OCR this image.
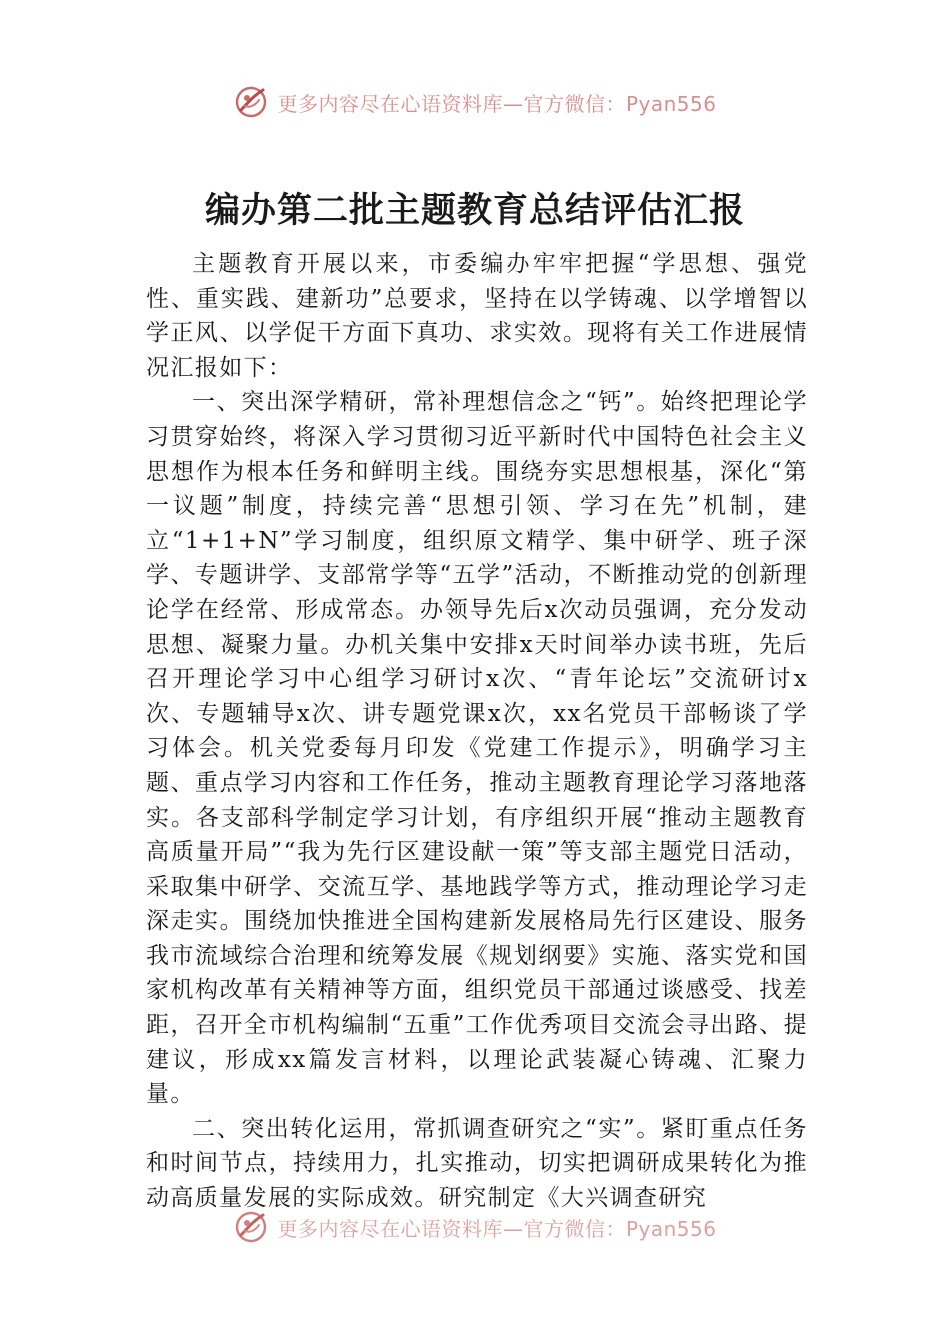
更多内容尽在心语资料库—官方微信：Pyan556
编办第二批主题教育总结评估汇报

主题教育开展以来，市委编办牢牢把握“学思想、强党性、重实践、建新功”总要求，坚持在以学铸魂、以学增智以学正风、以学促干方面下真功、求实效。现将有关工作进展情况汇报如下：

一、突出深学精研，常补理想信念之“钙”。始终把理论学习贯穿始终，将深入学习贯彻习近平新时代中国特色社会主义思想作为根本任务和鲜明主线。围绕夯实思想根基，深化“第一议题”制度，持续完善“思想引领、学习在先”机制，建立“1+1+N”学习制度，组织原文精学、集中研学、班子深学、专题讲学、支部常学等“五学”活动，不断推动党的创新理论学在经常、形成常态。办领导先后x次动员强调，充分发动思想、凝聚力量。办机关集中安排x天时间举办读书班，先后召开理论学习中心组学习研讨x次、“青年论坛”交流研讨x次、专题辅导x次、讲专题党课x次，xx名党员干部畅谈了学习体会。机关党委每月印发《党建工作提示》，明确学习主题、重点学习内容和工作任务，推动主题教育理论学习落地落实。各支部科学制定学习计划，有序组织开展“推动主题教育高质量开局”“我为先行区建设献一策”等支部主题党日活动，采取集中研学、交流互学、基地践学等方式，推动理论学习走深走实。围绕加快推进全国构建新发展格局先行区建设、服务我市流域综合治理和统筹发展《规划纲要》实施、落实党和国家机构改革有关精神等方面，组织党员干部通过谈感受、找差距，召开全市机构编制“五重”工作优秀项目交流会寻出路、提建议，形成xx篇发言材料，以理论武装凝心铸魂、汇聚力量。

二、突出转化运用，常抓调查研究之“实”。紧盯重点任务和时间节点，持续用力，扎实推动，切实把调研成果转化为推动高质量发展的实际成效。研究制定《大兴调查研究

更多内容尽在心语资料库—官方微信：Pyan556
